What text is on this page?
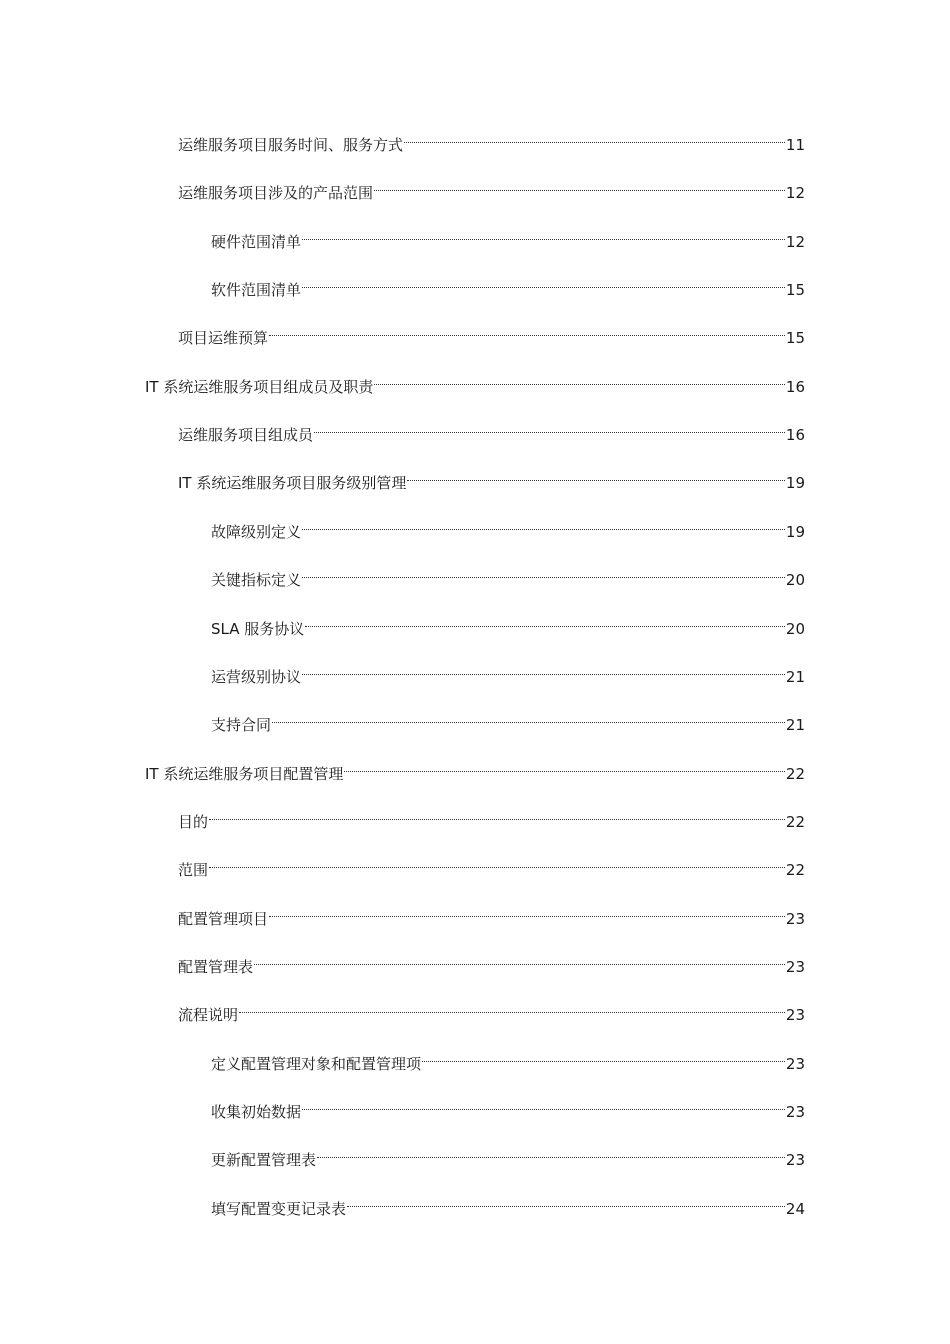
运维服务项目服务时间、服务方式	11
运维服务项目涉及的产品范围	12
硬件范围清单	12
软件范围清单	15
项目运维预算	15
IT 系统运维服务项目组成员及职责	16
运维服务项目组成员	16
IT 系统运维服务项目服务级别管理	19
故障级别定义	19
关键指标定义	20
SLA 服务协议	20
运营级别协议	21
支持合同	21
IT 系统运维服务项目配置管理	22
目的	22
范围	22
配置管理项目	23
配置管理表	23
流程说明	23
定义配置管理对象和配置管理项	23
收集初始数据	23
更新配置管理表	23
填写配置变更记录表	24
